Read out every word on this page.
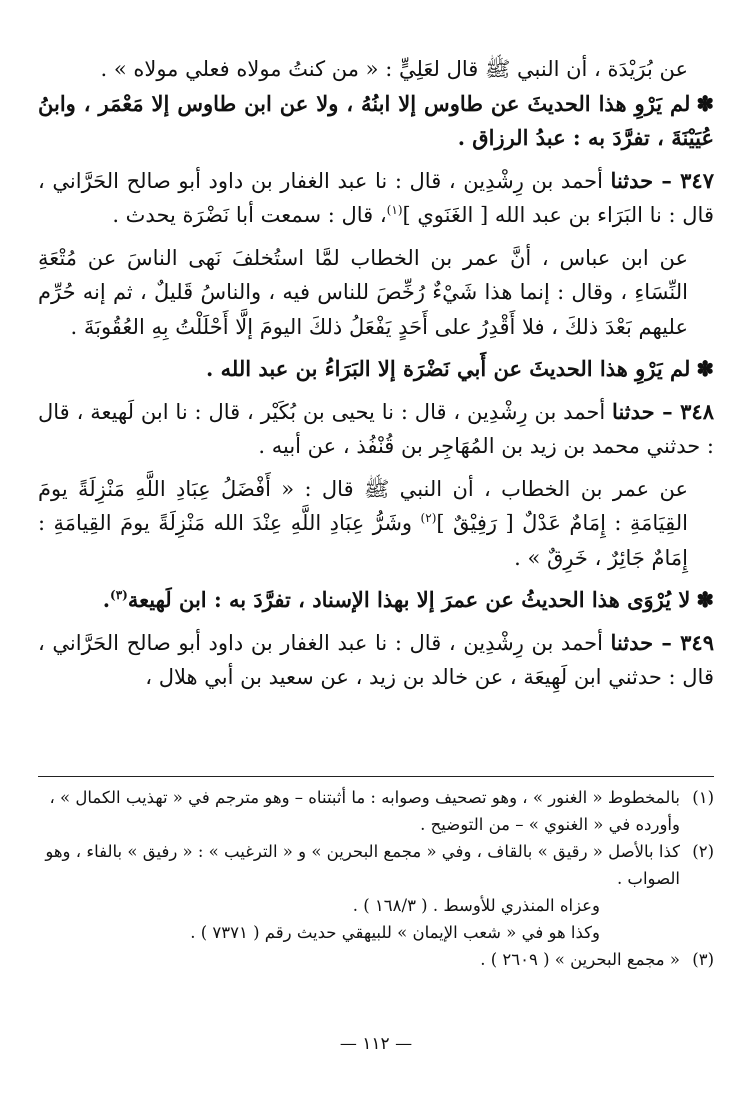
عن بُرَيْدَة ، أن النبي ﷺ قال لعَلِيٍّ : « من كنتُ مولاه فعلي مولاه » .

✽لم يَرْوِ هذا الحديثَ عن طاوس إلا ابنُهُ ، ولا عن ابن طاوس إلا مَعْمَر ، وابنُ عُيَيْنَةَ ، تفرَّدَ به : عبدُ الرزاق .

٣٤٧ – حدثنا أحمد بن رِشْدِين ، قال : نا عبد الغفار بن داود أبو صالح الحَرَّاني ، قال : نا البَرَاء بن عبد الله [ الغَنَوي ]$^{(١)}$، قال : سمعت أبا نَضْرَة يحدث .

عن ابن عباس ، أنَّ عمر بن الخطاب لمَّا استُخلفَ نَهى الناسَ عن مُتْعَةِ النِّسَاءِ ، وقال : إنما هذا شَيْءٌ رُخِّصَ للناس فيه ، والناسُ قَليلٌ ، ثم إنه حُرِّم عليهم بَعْدَ ذلكَ ، فلا أَقْدِرُ على أَحَدٍ يَفْعَلُ ذلكَ اليومَ إلَّا أَحْلَلْتُ بِهِ العُقُوبَةَ .

✽لم يَرْوِ هذا الحديثَ عن أَبي نَضْرَة إلا البَرَاءُ بن عبد الله .

٣٤٨ – حدثنا أحمد بن رِشْدِين ، قال : نا يحيى بن بُكَيْر ، قال : نا ابن لَهيعة ، قال : حدثني محمد بن زيد بن المُهَاجِر بن قُنْفُذ ، عن أبيه .

عن عمر بن الخطاب ، أن النبي ﷺ قال : « أَفْضَلُ عِبَادِ اللَّهِ مَنْزِلَةً يومَ القِيَامَةِ : إِمَامٌ عَدْلٌ [ رَفِيْقٌ ]$^{(٢)}$ وشَرُّ عِبَادِ اللَّهِ عِنْدَ الله مَنْزِلَةً يومَ القِيامَةِ : إِمَامٌ جَائِرٌ ، خَرِقٌ » .

✽لا يُرْوَى هذا الحديثُ عن عمرَ إلا بهذا الإسناد ، تفرَّدَ به : ابن لَهيعة$^{(٣)}$.

٣٤٩ – حدثنا أحمد بن رِشْدِين ، قال : نا عبد الغفار بن داود أبو صالح الحَرَّاني ، قال : حدثني ابن لَهِيعَة ، عن خالد بن زيد ، عن سعيد بن أبي هلال ،

(١)
بالمخطوط « الغنور » ، وهو تصحيف وصوابه : ما أثبتناه – وهو مترجم في « تهذيب الكمال » ، وأورده في « الغنوي » – من التوضيح .
(٢)
كذا بالأصل « رقيق » بالقاف ، وفي « مجمع البحرين » و « الترغيب » : « رفيق » بالفاء ، وهو الصواب .
وعزاه المنذري للأوسط . ( ١٦٨/٣ ) .
وكذا هو في « شعب الإيمان » للبيهقي حديث رقم ( ٧٣٧١ ) .
(٣)
« مجمع البحرين » ( ٢٦٠٩ ) .
— ١١٢ —
